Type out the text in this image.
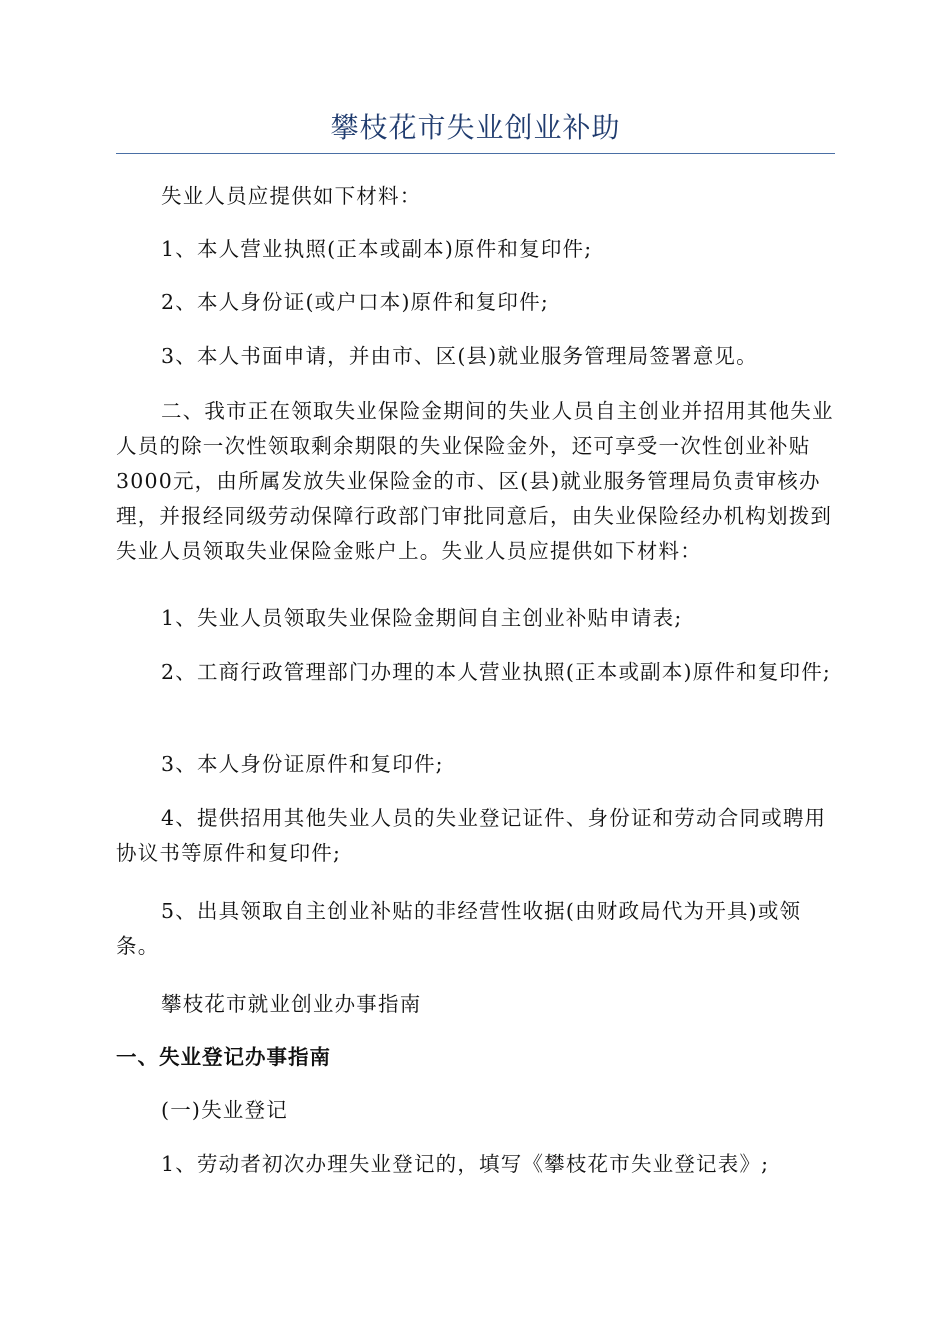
攀枝花市失业创业补助

失业人员应提供如下材料：

1、本人营业执照(正本或副本)原件和复印件;

2、本人身份证(或户口本)原件和复印件;

3、本人书面申请，并由市、区(县)就业服务管理局签署意见。

二、我市正在领取失业保险金期间的失业人员自主创业并招用其他失业人员的除一次性领取剩余期限的失业保险金外，还可享受一次性创业补贴3000元，由所属发放失业保险金的市、区(县)就业服务管理局负责审核办理，并报经同级劳动保障行政部门审批同意后，由失业保险经办机构划拨到失业人员领取失业保险金账户上。失业人员应提供如下材料：

1、失业人员领取失业保险金期间自主创业补贴申请表;

2、工商行政管理部门办理的本人营业执照(正本或副本)原件和复印件;

3、本人身份证原件和复印件;

4、提供招用其他失业人员的失业登记证件、身份证和劳动合同或聘用协议书等原件和复印件;

5、出具领取自主创业补贴的非经营性收据(由财政局代为开具)或领条。

攀枝花市就业创业办事指南

一、失业登记办事指南

(一)失业登记

1、劳动者初次办理失业登记的，填写《攀枝花市失业登记表》;
